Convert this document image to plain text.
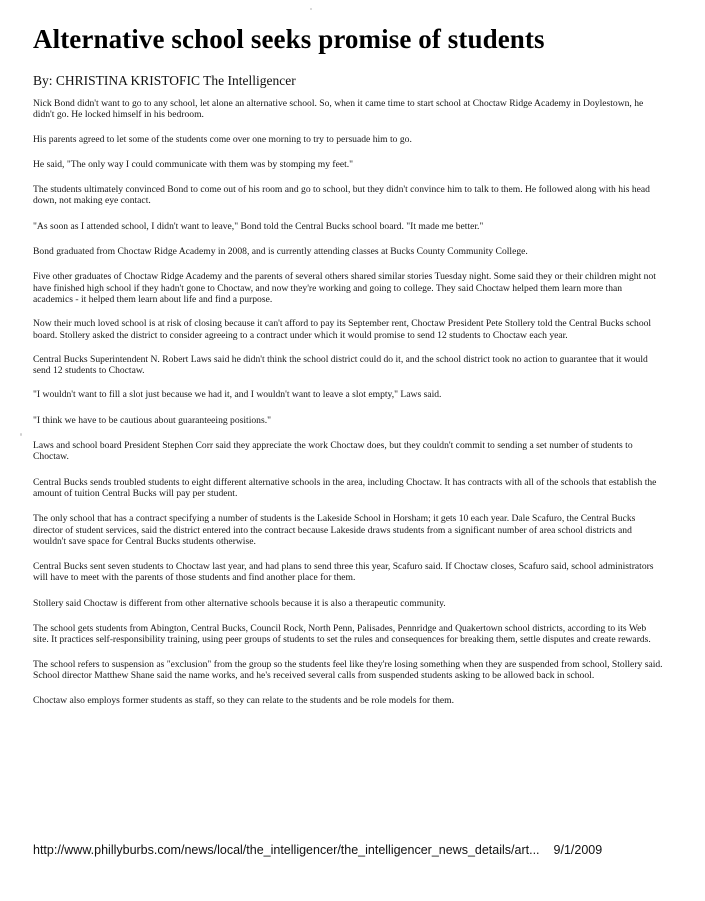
Alternative school seeks promise of students

By: CHRISTINA KRISTOFIC The Intelligencer

Nick Bond didn't want to go to any school, let alone an alternative school. So, when it came time to start school at Choctaw Ridge Academy in Doylestown, he didn't go. He locked himself in his bedroom.

His parents agreed to let some of the students come over one morning to try to persuade him to go.

He said, "The only way I could communicate with them was by stomping my feet."

The students ultimately convinced Bond to come out of his room and go to school, but they didn't convince him to talk to them. He followed along with his head down, not making eye contact.

"As soon as I attended school, I didn't want to leave," Bond told the Central Bucks school board. "It made me better."

Bond graduated from Choctaw Ridge Academy in 2008, and is currently attending classes at Bucks County Community College.

Five other graduates of Choctaw Ridge Academy and the parents of several others shared similar stories Tuesday night. Some said they or their children might not have finished high school if they hadn't gone to Choctaw, and now they're working and going to college. They said Choctaw helped them learn more than academics - it helped them learn about life and find a purpose.

Now their much loved school is at risk of closing because it can't afford to pay its September rent, Choctaw President Pete Stollery told the Central Bucks school board. Stollery asked the district to consider agreeing to a contract under which it would promise to send 12 students to Choctaw each year.

Central Bucks Superintendent N. Robert Laws said he didn't think the school district could do it, and the school district took no action to guarantee that it would send 12 students to Choctaw.

"I wouldn't want to fill a slot just because we had it, and I wouldn't want to leave a slot empty," Laws said.

"I think we have to be cautious about guaranteeing positions."

Laws and school board President Stephen Corr said they appreciate the work Choctaw does, but they couldn't commit to sending a set number of students to Choctaw.

Central Bucks sends troubled students to eight different alternative schools in the area, including Choctaw. It has contracts with all of the schools that establish the amount of tuition Central Bucks will pay per student.

The only school that has a contract specifying a number of students is the Lakeside School in Horsham; it gets 10 each year. Dale Scafuro, the Central Bucks director of student services, said the district entered into the contract because Lakeside draws students from a significant number of area school districts and wouldn't save space for Central Bucks students otherwise.

Central Bucks sent seven students to Choctaw last year, and had plans to send three this year, Scafuro said. If Choctaw closes, Scafuro said, school administrators will have to meet with the parents of those students and find another place for them.

Stollery said Choctaw is different from other alternative schools because it is also a therapeutic community.

The school gets students from Abington, Central Bucks, Council Rock, North Penn, Palisades, Pennridge and Quakertown school districts, according to its Web site. It practices self-responsibility training, using peer groups of students to set the rules and consequences for breaking them, settle disputes and create rewards.

The school refers to suspension as "exclusion" from the group so the students feel like they're losing something when they are suspended from school, Stollery said. School director Matthew Shane said the name works, and he's received several calls from suspended students asking to be allowed back in school.

Choctaw also employs former students as staff, so they can relate to the students and be role models for them.

http://www.phillyburbs.com/news/local/the_intelligencer/the_intelligencer_news_details/art... 9/1/2009
